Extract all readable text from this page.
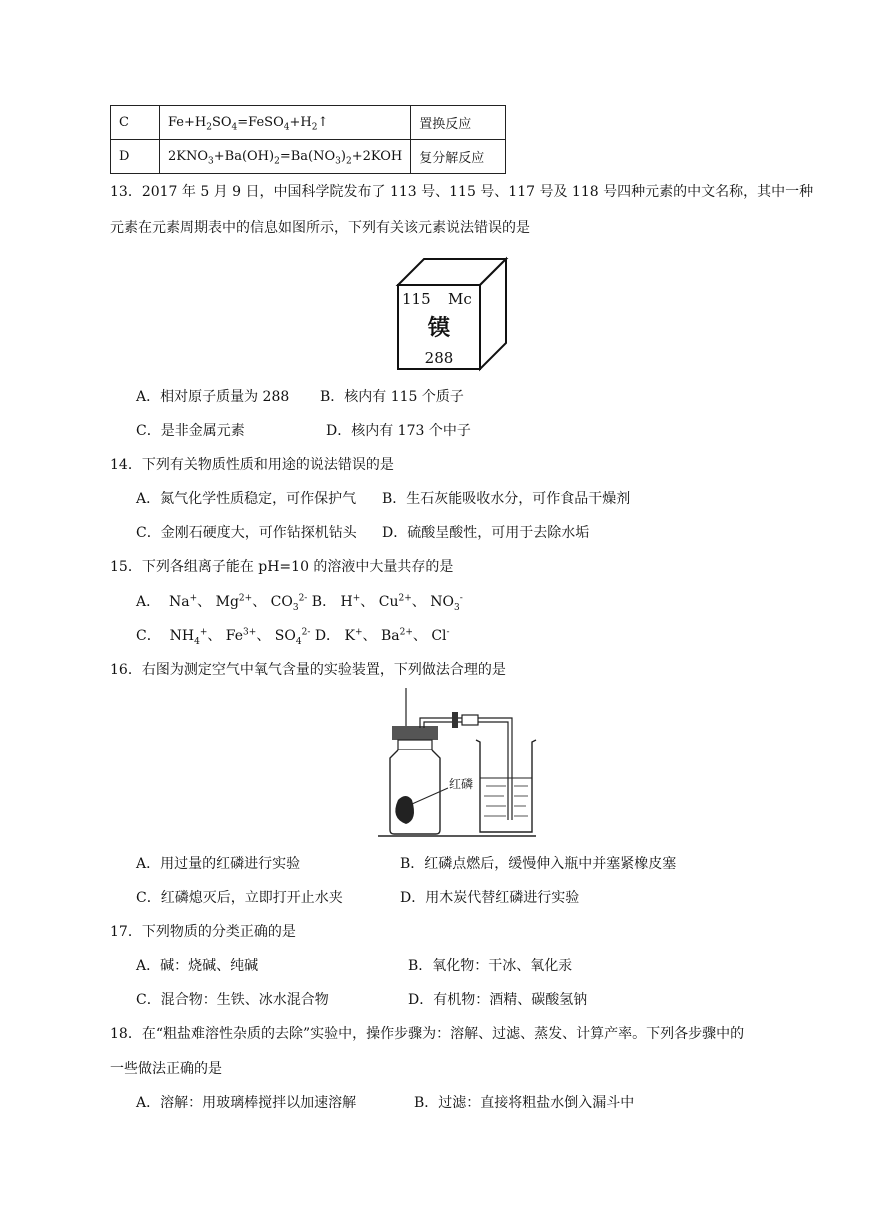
C	$Fe+H_2SO_4=FeSO_4+H_2↑$	置换反应
D	$2KNO_3+Ba(OH)_2=Ba(NO_3)_2+2KOH$	复分解反应
13．2017 年 5 月 9 日，中国科学院发布了 113 号、115 号、117 号及 118 号四种元素的中文名称，其中一种
元素在元素周期表中的信息如图所示，下列有关该元素说法错误的是
115 Mc
镆
288
A．相对原子质量为 288 B．核内有 115 个质子
C．是非金属元素	D．核内有 173 个中子
14．下列有关物质性质和用途的说法错误的是
A．氮气化学性质稳定，可作保护气 B．生石灰能吸收水分，可作食品干燥剂
C．金刚石硬度大，可作钻探机钻头 D．硫酸呈酸性，可用于去除水垢
15．下列各组离子能在 pH=10 的溶液中大量共存的是
A．  Na+、 $Mg^{2+}$、 $CO_3^{2-}$ B． H+、 $Cu^{2+}$、 $NO_3^-$
C．  $NH_4^+$、 $Fe^{3+}$、 $SO_4^{2-}$ D． K+、 $Ba^{2+}$、 Cl-
16．右图为测定空气中氧气含量的实验装置，下列做法合理的是
红磷
A．用过量的红磷进行实验	B．红磷点燃后，缓慢伸入瓶中并塞紧橡皮塞
C．红磷熄灭后，立即打开止水夹	D．用木炭代替红磷进行实验
17．下列物质的分类正确的是
A．碱：烧碱、纯碱	B．氧化物：干冰、氧化汞
C．混合物：生铁、冰水混合物	D．有机物：酒精、碳酸氢钠
18．在“粗盐难溶性杂质的去除”实验中，操作步骤为：溶解、过滤、蒸发、计算产率。下列各步骤中的
一些做法正确的是
A．溶解：用玻璃棒搅拌以加速溶解	B．过滤：直接将粗盐水倒入漏斗中
